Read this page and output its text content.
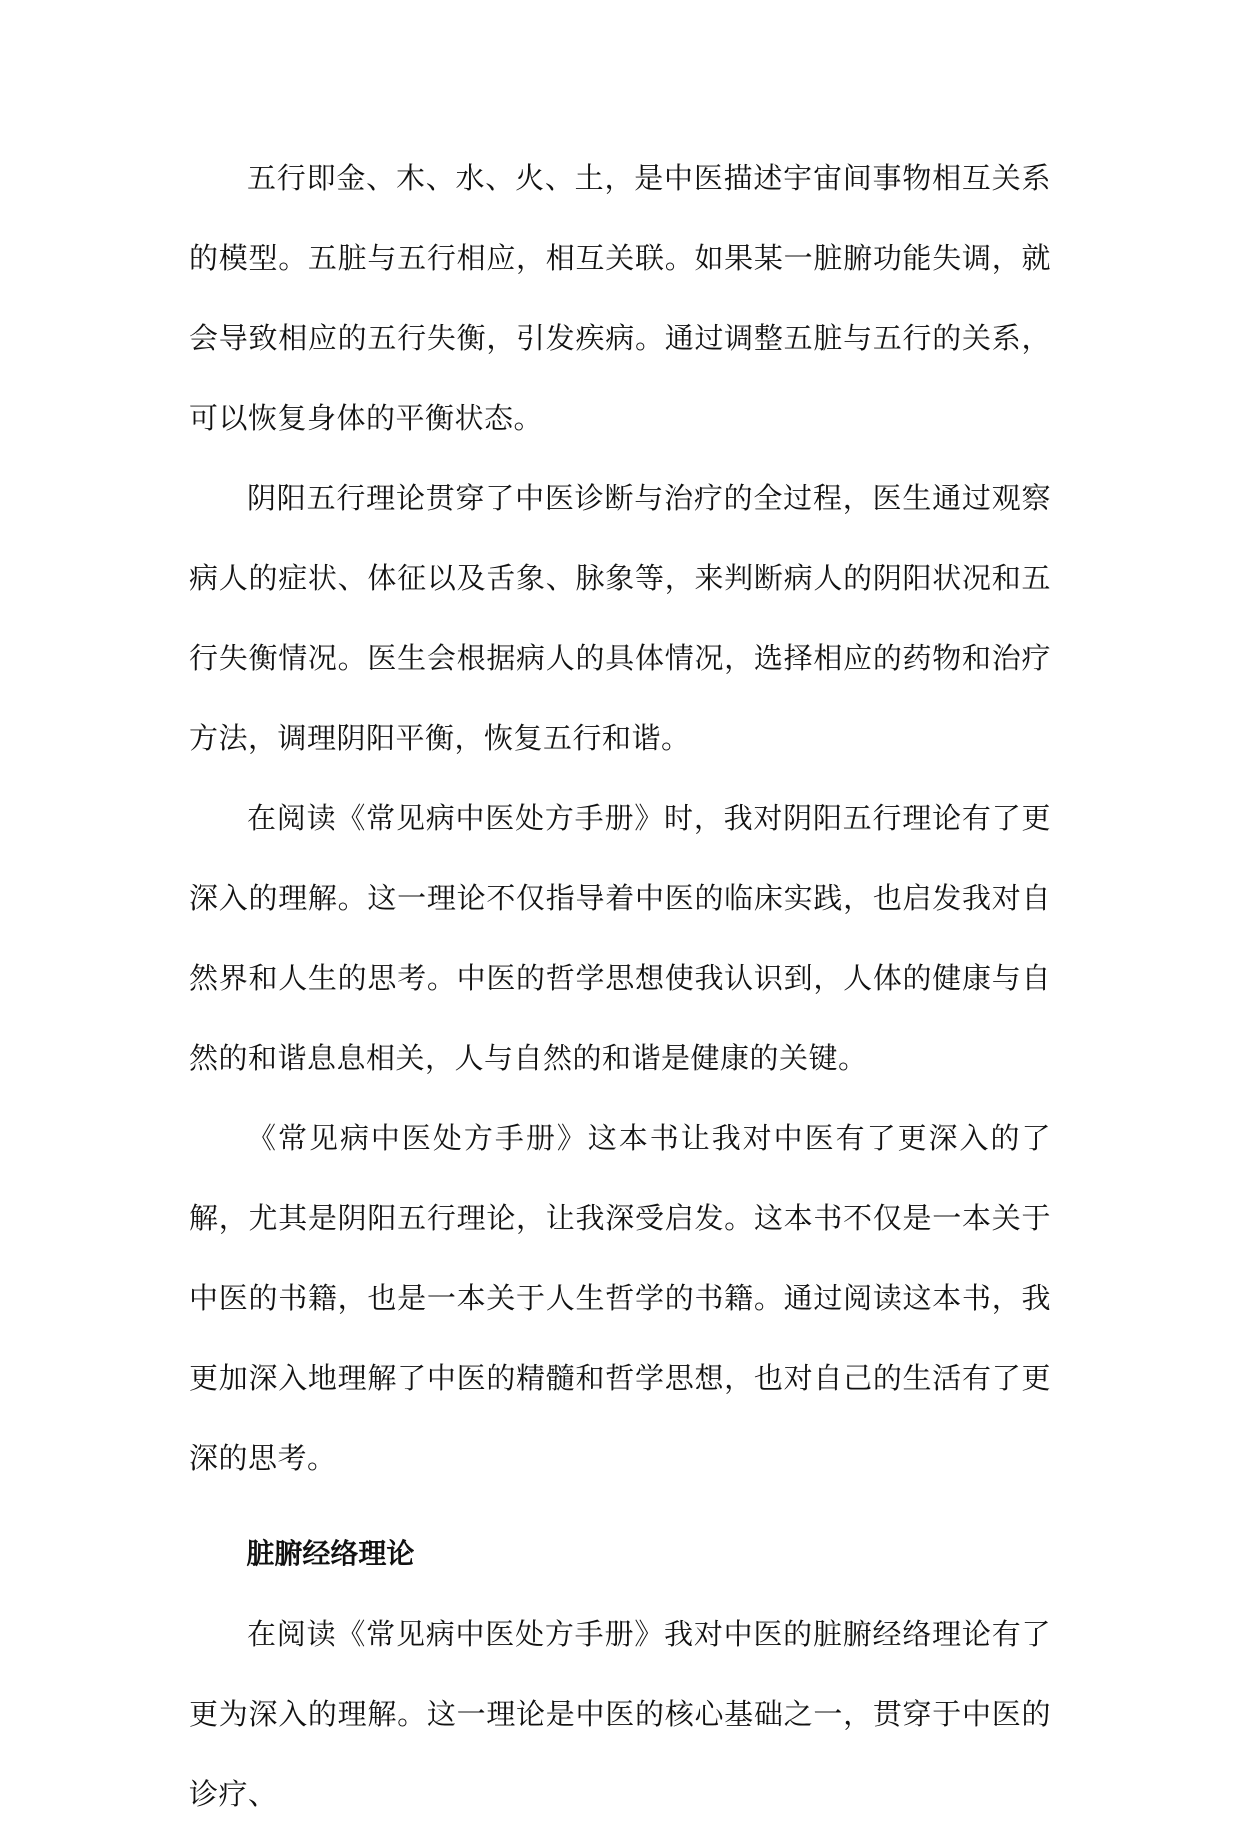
五行即金、木、水、火、土，是中医描述宇宙间事物相互关系的模型。五脏与五行相应，相互关联。如果某一脏腑功能失调，就会导致相应的五行失衡，引发疾病。通过调整五脏与五行的关系，可以恢复身体的平衡状态。

阴阳五行理论贯穿了中医诊断与治疗的全过程，医生通过观察病人的症状、体征以及舌象、脉象等，来判断病人的阴阳状况和五行失衡情况。医生会根据病人的具体情况，选择相应的药物和治疗方法，调理阴阳平衡，恢复五行和谐。

在阅读《常见病中医处方手册》时，我对阴阳五行理论有了更深入的理解。这一理论不仅指导着中医的临床实践，也启发我对自然界和人生的思考。中医的哲学思想使我认识到，人体的健康与自然的和谐息息相关，人与自然的和谐是健康的关键。

《常见病中医处方手册》这本书让我对中医有了更深入的了解，尤其是阴阳五行理论，让我深受启发。这本书不仅是一本关于中医的书籍，也是一本关于人生哲学的书籍。通过阅读这本书，我更加深入地理解了中医的精髓和哲学思想，也对自己的生活有了更深的思考。

脏腑经络理论

在阅读《常见病中医处方手册》我对中医的脏腑经络理论有了更为深入的理解。这一理论是中医的核心基础之一，贯穿于中医的诊疗、
